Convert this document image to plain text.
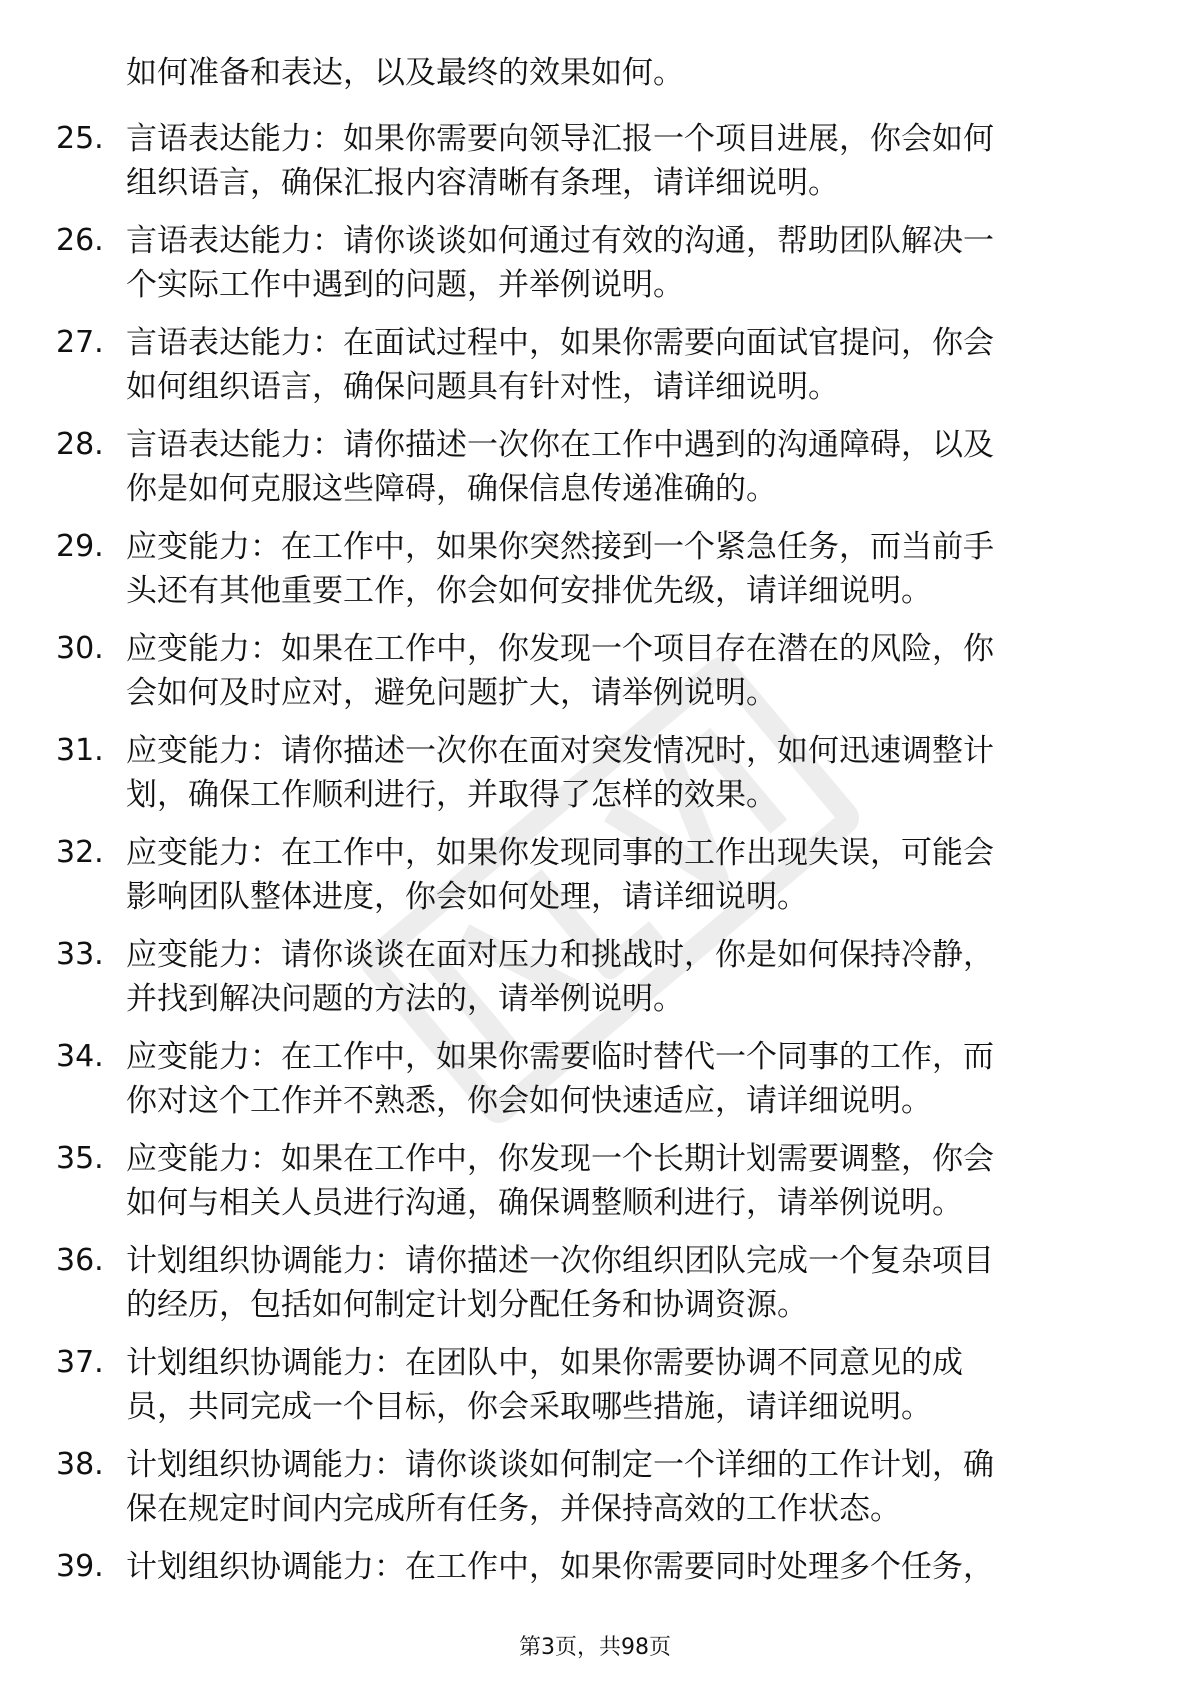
如何准备和表达，以及最终的效果如何。
25. 言语表达能力：如果你需要向领导汇报一个项目进展，你会如何
组织语言，确保汇报内容清晰有条理，请详细说明。
26. 言语表达能力：请你谈谈如何通过有效的沟通，帮助团队解决一
个实际工作中遇到的问题，并举例说明。
27. 言语表达能力：在面试过程中，如果你需要向面试官提问，你会
如何组织语言，确保问题具有针对性，请详细说明。
28. 言语表达能力：请你描述一次你在工作中遇到的沟通障碍，以及
你是如何克服这些障碍，确保信息传递准确的。
29. 应变能力：在工作中，如果你突然接到一个紧急任务，而当前手
头还有其他重要工作，你会如何安排优先级，请详细说明。
30. 应变能力：如果在工作中，你发现一个项目存在潜在的风险，你
会如何及时应对，避免问题扩大，请举例说明。
31. 应变能力：请你描述一次你在面对突发情况时，如何迅速调整计
划，确保工作顺利进行，并取得了怎样的效果。
32. 应变能力：在工作中，如果你发现同事的工作出现失误，可能会
影响团队整体进度，你会如何处理，请详细说明。
33. 应变能力：请你谈谈在面对压力和挑战时，你是如何保持冷静，
并找到解决问题的方法的，请举例说明。
34. 应变能力：在工作中，如果你需要临时替代一个同事的工作，而
你对这个工作并不熟悉，你会如何快速适应，请详细说明。
35. 应变能力：如果在工作中，你发现一个长期计划需要调整，你会
如何与相关人员进行沟通，确保调整顺利进行，请举例说明。
36. 计划组织协调能力：请你描述一次你组织团队完成一个复杂项目
的经历，包括如何制定计划分配任务和协调资源。
37. 计划组织协调能力：在团队中，如果你需要协调不同意见的成
员，共同完成一个目标，你会采取哪些措施，请详细说明。
38. 计划组织协调能力：请你谈谈如何制定一个详细的工作计划，确
保在规定时间内完成所有任务，并保持高效的工作状态。
39. 计划组织协调能力：在工作中，如果你需要同时处理多个任务，
第3页，共98页
